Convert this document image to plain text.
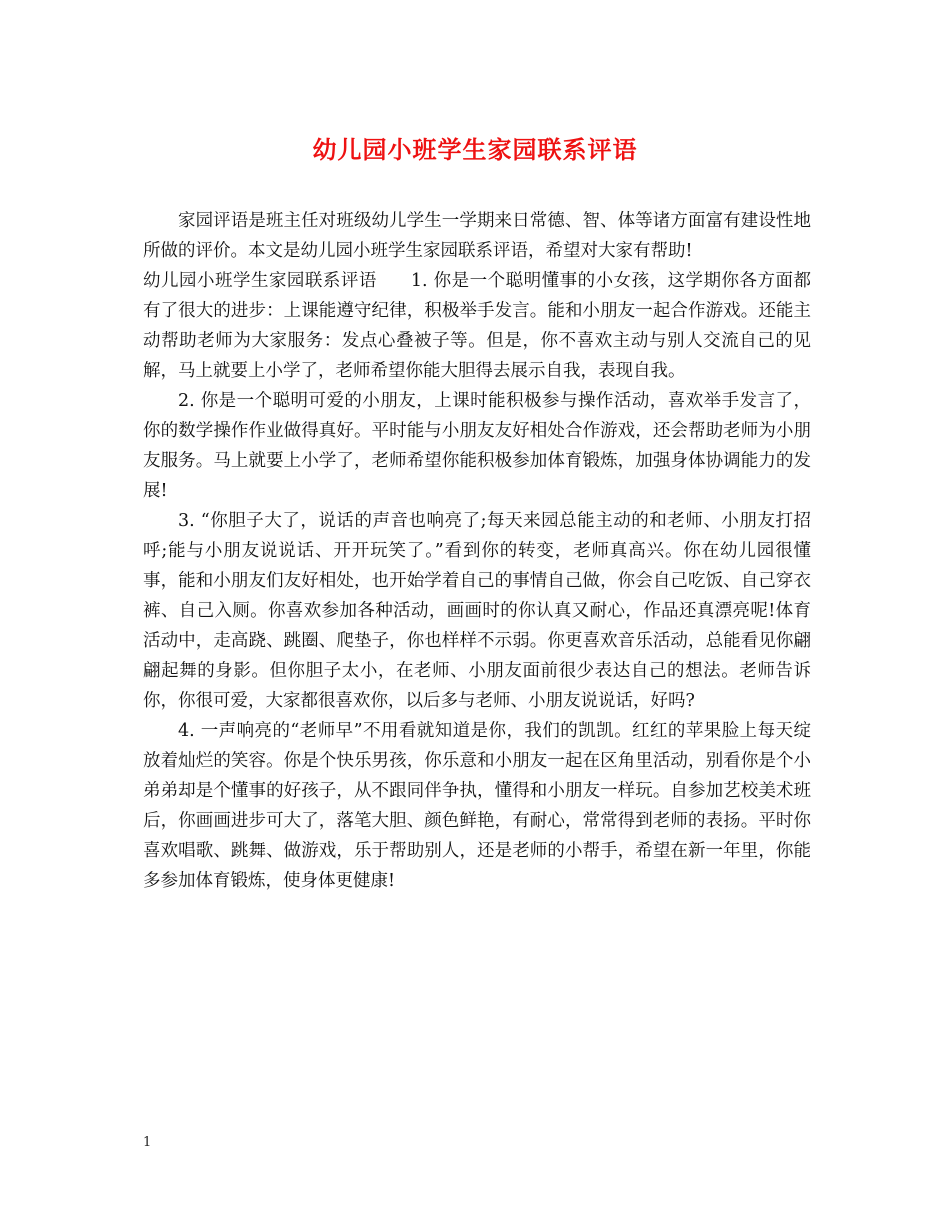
幼儿园小班学生家园联系评语

家园评语是班主任对班级幼儿学生一学期来日常德、智、体等诸方面富有建设性地所做的评价。本文是幼儿园小班学生家园联系评语，希望对大家有帮助!

幼儿园小班学生家园联系评语 1. 你是一个聪明懂事的小女孩，这学期你各方面都有了很大的进步：上课能遵守纪律，积极举手发言。能和小朋友一起合作游戏。还能主动帮助老师为大家服务：发点心叠被子等。但是，你不喜欢主动与别人交流自己的见解，马上就要上小学了，老师希望你能大胆得去展示自我，表现自我。

2. 你是一个聪明可爱的小朋友，上课时能积极参与操作活动，喜欢举手发言了，你的数学操作作业做得真好。平时能与小朋友友好相处合作游戏，还会帮助老师为小朋友服务。马上就要上小学了，老师希望你能积极参加体育锻炼，加强身体协调能力的发展!

3. “你胆子大了，说话的声音也响亮了;每天来园总能主动的和老师、小朋友打招呼;能与小朋友说说话、开开玩笑了。”看到你的转变，老师真高兴。你在幼儿园很懂事，能和小朋友们友好相处，也开始学着自己的事情自己做，你会自己吃饭、自己穿衣裤、自己入厕。你喜欢参加各种活动，画画时的你认真又耐心，作品还真漂亮呢!体育活动中，走高跷、跳圈、爬垫子，你也样样不示弱。你更喜欢音乐活动，总能看见你翩翩起舞的身影。但你胆子太小，在老师、小朋友面前很少表达自己的想法。老师告诉你，你很可爱，大家都很喜欢你，以后多与老师、小朋友说说话，好吗?

4. 一声响亮的“老师早”不用看就知道是你，我们的凯凯。红红的苹果脸上每天绽放着灿烂的笑容。你是个快乐男孩，你乐意和小朋友一起在区角里活动，别看你是个小弟弟却是个懂事的好孩子，从不跟同伴争执，懂得和小朋友一样玩。自参加艺校美术班后，你画画进步可大了，落笔大胆、颜色鲜艳，有耐心，常常得到老师的表扬。平时你喜欢唱歌、跳舞、做游戏，乐于帮助别人，还是老师的小帮手，希望在新一年里，你能多参加体育锻炼，使身体更健康!

1
